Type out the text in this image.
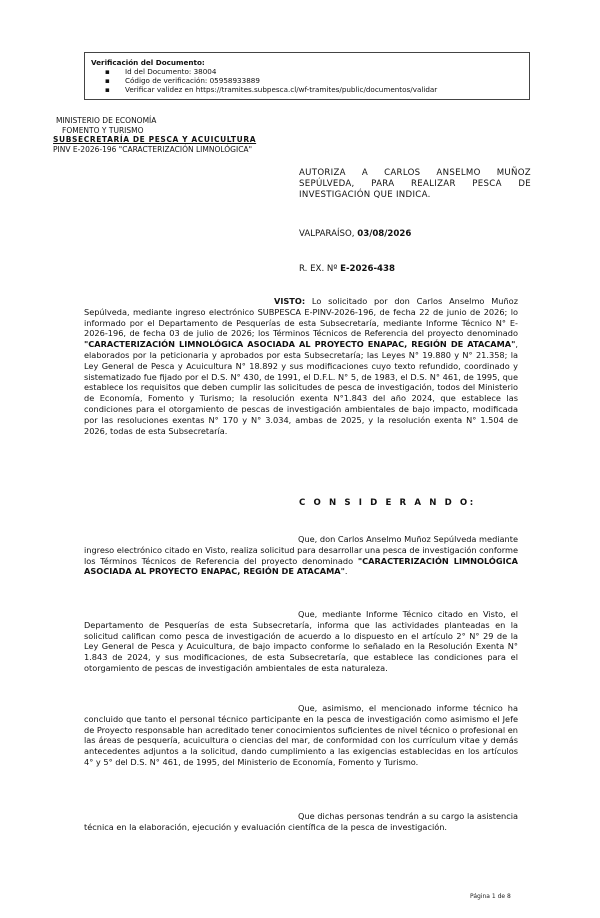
Verificación del Documento:
▪ Id del Documento: 38004
▪ Código de verificación: 05958933889
▪ Verificar validez en https://tramites.subpesca.cl/wf-tramites/public/documentos/validar
MINISTERIO DE ECONOMÍA
FOMENTO Y TURISMO
SUBSECRETARÍA DE PESCA Y ACUICULTURA
PINV E-2026-196 "CARACTERIZACIÓN LIMNOLÓGICA"
AUTORIZA A CARLOS ANSELMO MUÑOZ SEPÚLVEDA, PARA REALIZAR PESCA DE INVESTIGACIÓN QUE INDICA.
VALPARAÍSO, 03/08/2026
R. EX. Nº E-2026-438

VISTO: Lo solicitado por don Carlos Anselmo Muñoz Sepúlveda, mediante ingreso electrónico SUBPESCA E-PINV-2026-196, de fecha 22 de junio de 2026; lo informado por el Departamento de Pesquerías de esta Subsecretaría, mediante Informe Técnico N° E-2026-196, de fecha 03 de julio de 2026; los Términos Técnicos de Referencia del proyecto denominado "CARACTERIZACIÓN LIMNOLÓGICA ASOCIADA AL PROYECTO ENAPAC, REGIÓN DE ATACAMA", elaborados por la peticionaria y aprobados por esta Subsecretaría; las Leyes N° 19.880 y N° 21.358; la Ley General de Pesca y Acuicultura N° 18.892 y sus modificaciones cuyo texto refundido, coordinado y sistematizado fue fijado por el D.S. N° 430, de 1991, el D.F.L. N° 5, de 1983, el D.S. N° 461, de 1995, que establece los requisitos que deben cumplir las solicitudes de pesca de investigación, todos del Ministerio de Economía, Fomento y Turismo; la resolución exenta N°1.843 del año 2024, que establece las condiciones para el otorgamiento de pescas de investigación ambientales de bajo impacto, modificada por las resoluciones exentas N° 170 y N° 3.034, ambas de 2025, y la resolución exenta N° 1.504 de 2026, todas de esta Subsecretaría.

C O N S I D E R A N D O:

Que, don Carlos Anselmo Muñoz Sepúlveda mediante ingreso electrónico citado en Visto, realiza solicitud para desarrollar una pesca de investigación conforme los Términos Técnicos de Referencia del proyecto denominado "CARACTERIZACIÓN LIMNOLÓGICA ASOCIADA AL PROYECTO ENAPAC, REGIÓN DE ATACAMA".

Que, mediante Informe Técnico citado en Visto, el Departamento de Pesquerías de esta Subsecretaría, informa que las actividades planteadas en la solicitud califican como pesca de investigación de acuerdo a lo dispuesto en el artículo 2° N° 29 de la Ley General de Pesca y Acuicultura, de bajo impacto conforme lo señalado en la Resolución Exenta N° 1.843 de 2024, y sus modificaciones, de esta Subsecretaría, que establece las condiciones para el otorgamiento de pescas de investigación ambientales de esta naturaleza.

Que, asimismo, el mencionado informe técnico ha concluido que tanto el personal técnico participante en la pesca de investigación como asimismo el Jefe de Proyecto responsable han acreditado tener conocimientos suficientes de nivel técnico o profesional en las áreas de pesquería, acuicultura o ciencias del mar, de conformidad con los currículum vitae y demás antecedentes adjuntos a la solicitud, dando cumplimiento a las exigencias establecidas en los artículos 4° y 5° del D.S. N° 461, de 1995, del Ministerio de Economía, Fomento y Turismo.

Que dichas personas tendrán a su cargo la asistencia técnica en la elaboración, ejecución y evaluación científica de la pesca de investigación.

Página 1 de 8
